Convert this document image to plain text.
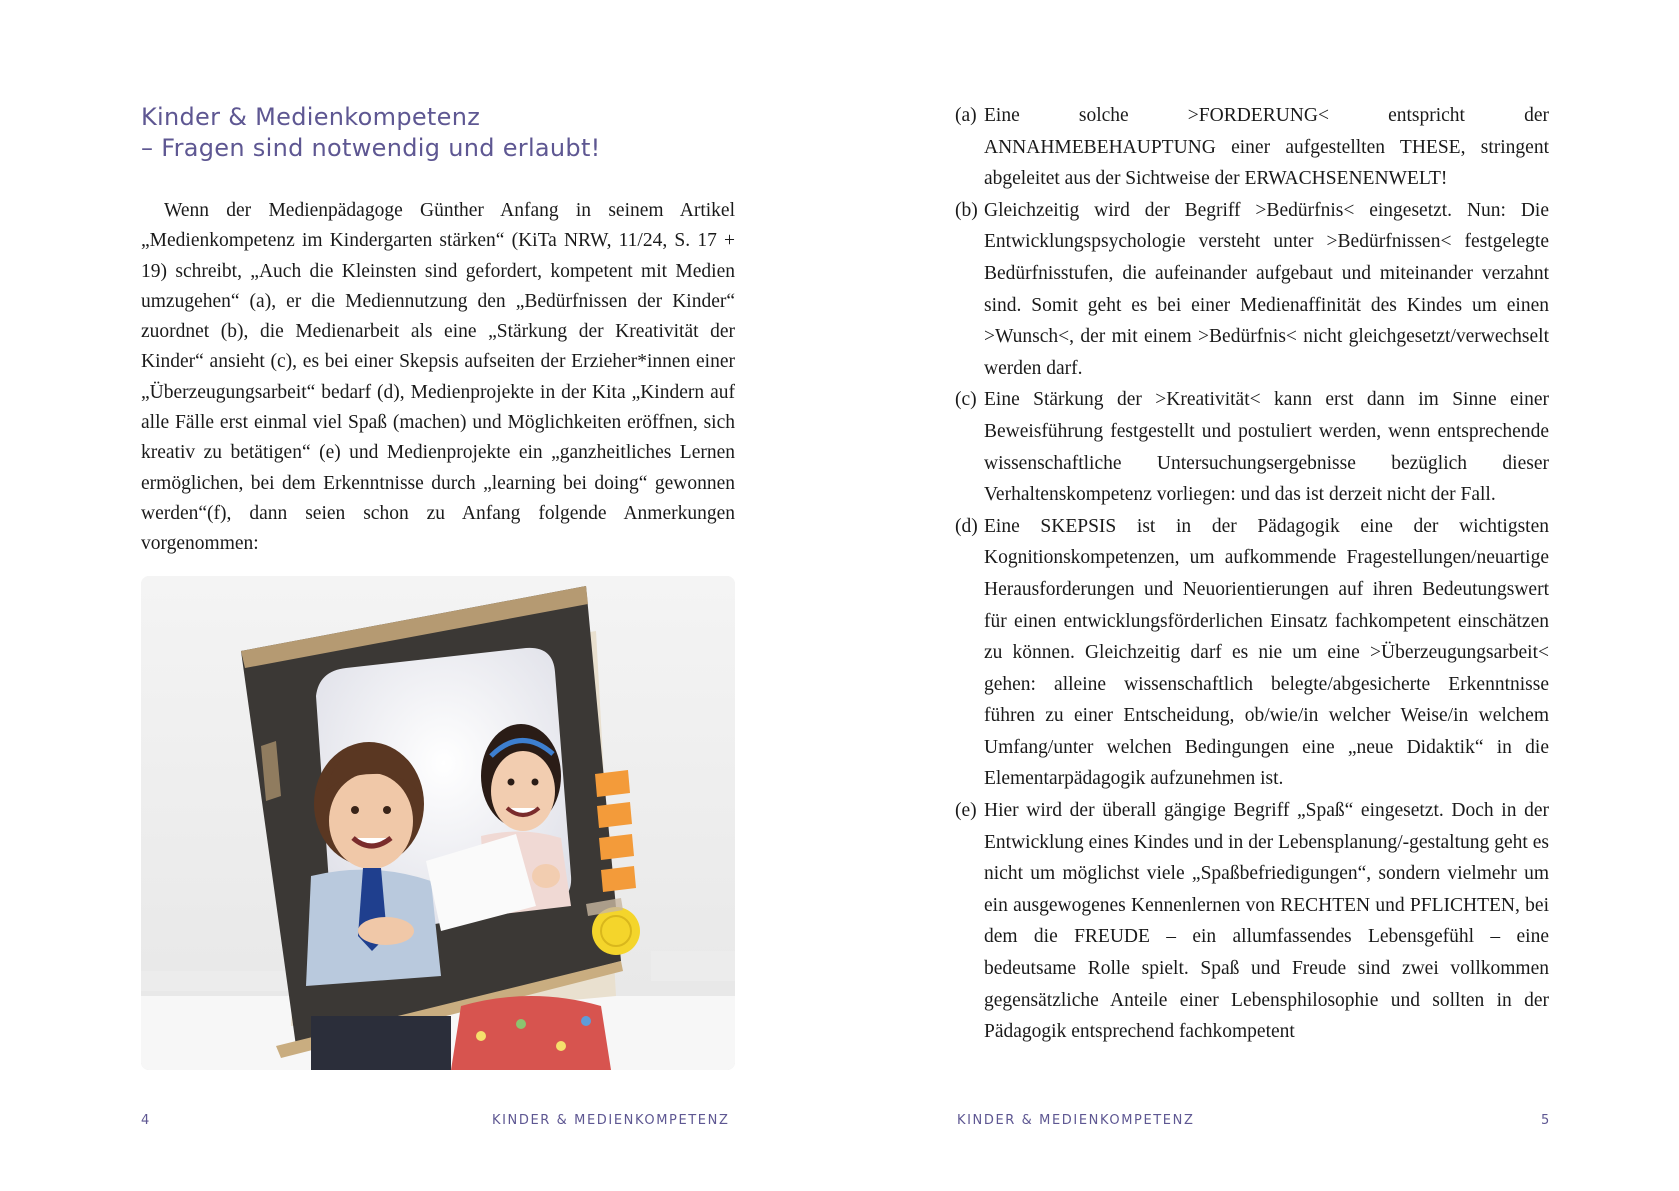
Kinder & Medienkompetenz
– Fragen sind notwendig und erlaubt!
Wenn der Medienpädagoge Günther Anfang in seinem Artikel „Medienkompetenz im Kindergarten stärken“ (KiTa NRW, 11/24, S. 17 + 19) schreibt, „Auch die Kleinsten sind gefordert, kompetent mit Medien umzugehen“ (a), er die Mediennutzung den „Bedürfnissen der Kinder“ zuordnet (b), die Medienarbeit als eine „Stärkung der Kreativität der Kinder“ ansieht (c), es bei einer Skepsis aufseiten der Erzieher*innen einer „Überzeugungsarbeit“ bedarf (d), Medienprojekte in der Kita „Kindern auf alle Fälle erst einmal viel Spaß (machen) und Möglichkeiten eröffnen, sich kreativ zu betätigen“ (e) und Medienprojekte ein „ganzheitliches Lernen ermöglichen, bei dem Erkenntnisse durch „learning bei doing“ gewonnen werden“(f), dann seien schon zu Anfang folgende Anmerkungen vorgenommen:
4	KINDER & MEDIENKOMPETENZ
(a) Eine solche >FORDERUNG< entspricht der ANNAHMEBEHAUPTUNG einer aufgestellten THESE, stringent abgeleitet aus der Sichtweise der ERWACHSENENWELT!
(b) Gleichzeitig wird der Begriff >Bedürfnis< eingesetzt. Nun: Die Entwicklungspsychologie versteht unter >Bedürfnissen< festgelegte Bedürfnisstufen, die aufeinander aufgebaut und miteinander verzahnt sind. Somit geht es bei einer Medienaffinität des Kindes um einen >Wunsch<, der mit einem >Bedürfnis< nicht gleichgesetzt/verwechselt werden darf.
(c) Eine Stärkung der >Kreativität< kann erst dann im Sinne einer Beweisführung festgestellt und postuliert werden, wenn entsprechende wissenschaftliche Untersuchungsergebnisse bezüglich dieser Verhaltenskompetenz vorliegen: und das ist derzeit nicht der Fall.
(d) Eine SKEPSIS ist in der Pädagogik eine der wichtigsten Kognitionskompetenzen, um aufkommende Fragestellungen/neuartige Herausforderungen und Neuorientierungen auf ihren Bedeutungswert für einen entwicklungsförderlichen Einsatz fachkompetent einschätzen zu können. Gleichzeitig darf es nie um eine >Überzeugungsarbeit< gehen: alleine wissenschaftlich belegte/abgesicherte Erkenntnisse führen zu einer Entscheidung, ob/wie/in welcher Weise/in welchem Umfang/unter welchen Bedingungen eine „neue Didaktik“ in die Elementarpädagogik aufzunehmen ist.
(e) Hier wird der überall gängige Begriff „Spaß“ eingesetzt. Doch in der Entwicklung eines Kindes und in der Lebensplanung/-gestaltung geht es nicht um möglichst viele „Spaßbefriedigungen“, sondern vielmehr um ein ausgewogenes Kennenlernen von RECHTEN und PFLICHTEN, bei dem die FREUDE – ein allumfassendes Lebensgefühl – eine bedeutsame Rolle spielt. Spaß und Freude sind zwei vollkommen gegensätzliche Anteile einer Lebensphilosophie und sollten in der Pädagogik entsprechend fachkompetent
KINDER & MEDIENKOMPETENZ	5
